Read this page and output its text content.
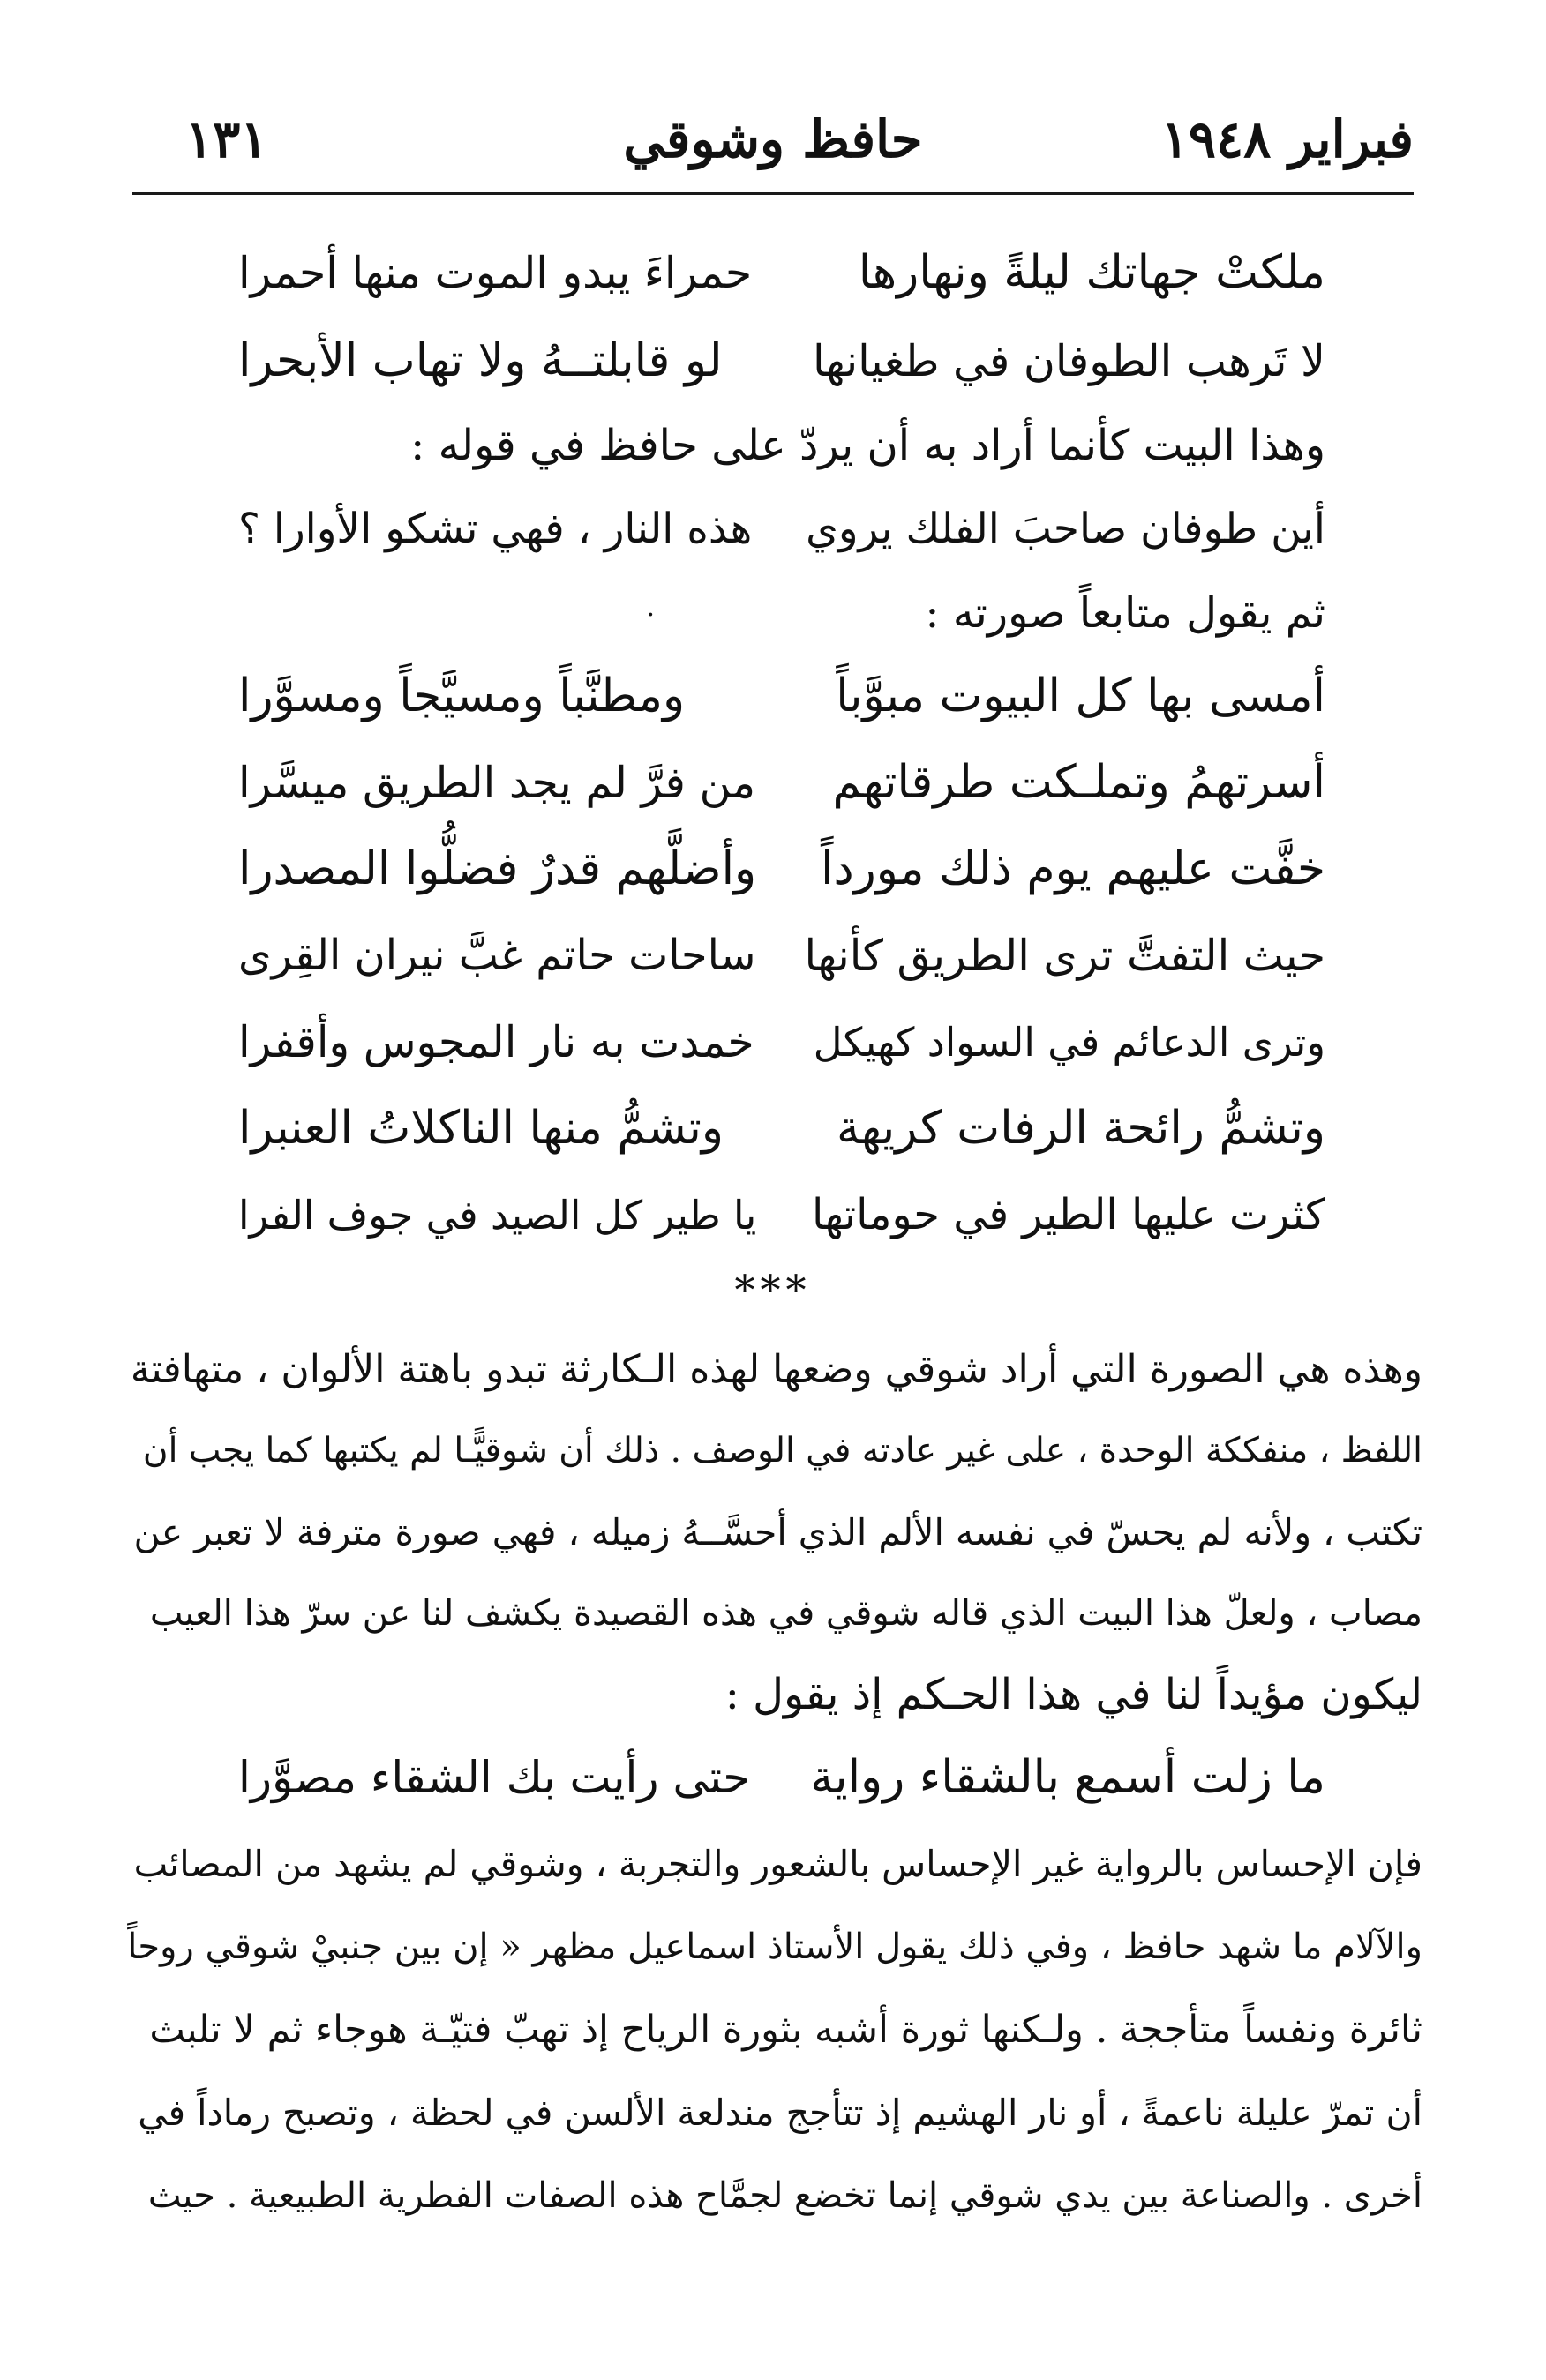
فبراير ١٩٤٨
حافظ وشوقي
١٣١
ملكتْ جهاتك ليلةً ونهارها
حمراءَ يبدو الموت منها أحمرا
لا تَرهب الطوفان في طغيانها
لو قابلتــهُ ولا تهاب الأبحرا
وهذا البيت كأنما أراد به أن يردّ على حافظ في قوله :
أين طوفان صاحبَ الفلك يروي
هذه النار ، فهي تشكو الأوارا ؟
ثم يقول متابعاً صورته :
·
أمسى بها كل البيوت مبوَّباً
ومطنَّباً ومسيَّجاً ومسوَّرا
أسرتهمُ وتملـكت طرقاتهم
من فرَّ لم يجد الطريق ميسَّرا
خفَّت عليهم يوم ذلك مورداً
وأضلَّهم قدرٌ فضلُّوا المصدرا
حيث التفتَّ ترى الطريق كأنها
ساحات حاتم غبَّ نيران القِرى
وترى الدعائم في السواد كهيكل
خمدت به نار المجوس وأقفرا
وتشمُّ رائحة الرفات كريهة
وتشمُّ منها الناكلاتُ العنبرا
كثرت عليها الطير في حوماتها
يا طير كل الصيد في جوف الفرا
***
وهذه هي الصورة التي أراد شوقي وضعها لهذه الـكارثة تبدو باهتة الألوان ، متهافتة
اللفظ ، منفككة الوحدة ، على غير عادته في الوصف . ذلك أن شوقيًّـا لم يكتبها كما يجب أن
تكتب ، ولأنه لم يحسّ في نفسه الألم الذي أحسَّــهُ زميله ، فهي صورة مترفة لا تعبر عن
مصاب ، ولعلّ هذا البيت الذي قاله شوقي في هذه القصيدة يكشف لنا عن سرّ هذا العيب
ليكون مؤيداً لنا في هذا الحـكم إذ يقول :
ما زلت أسمع بالشقاء رواية
حتى رأيت بك الشقاء مصوَّرا
فإن الإحساس بالرواية غير الإحساس بالشعور والتجربة ، وشوقي لم يشهد من المصائب
والآلام ما شهد حافظ ، وفي ذلك يقول الأستاذ اسماعيل مظهر « إن بين جنبيْ شوقي روحاً
ثائرة ونفساً متأججة . ولـكنها ثورة أشبه بثورة الرياح إذ تهبّ فتيّـة هوجاء ثم لا تلبث
أن تمرّ عليلة ناعمةً ، أو نار الهشيم إذ تتأجج مندلعة الألسن في لحظة ، وتصبح رماداً في
أخرى . والصناعة بين يدي شوقي إنما تخضع لجمَّاح هذه الصفات الفطرية الطبيعية . حيث
